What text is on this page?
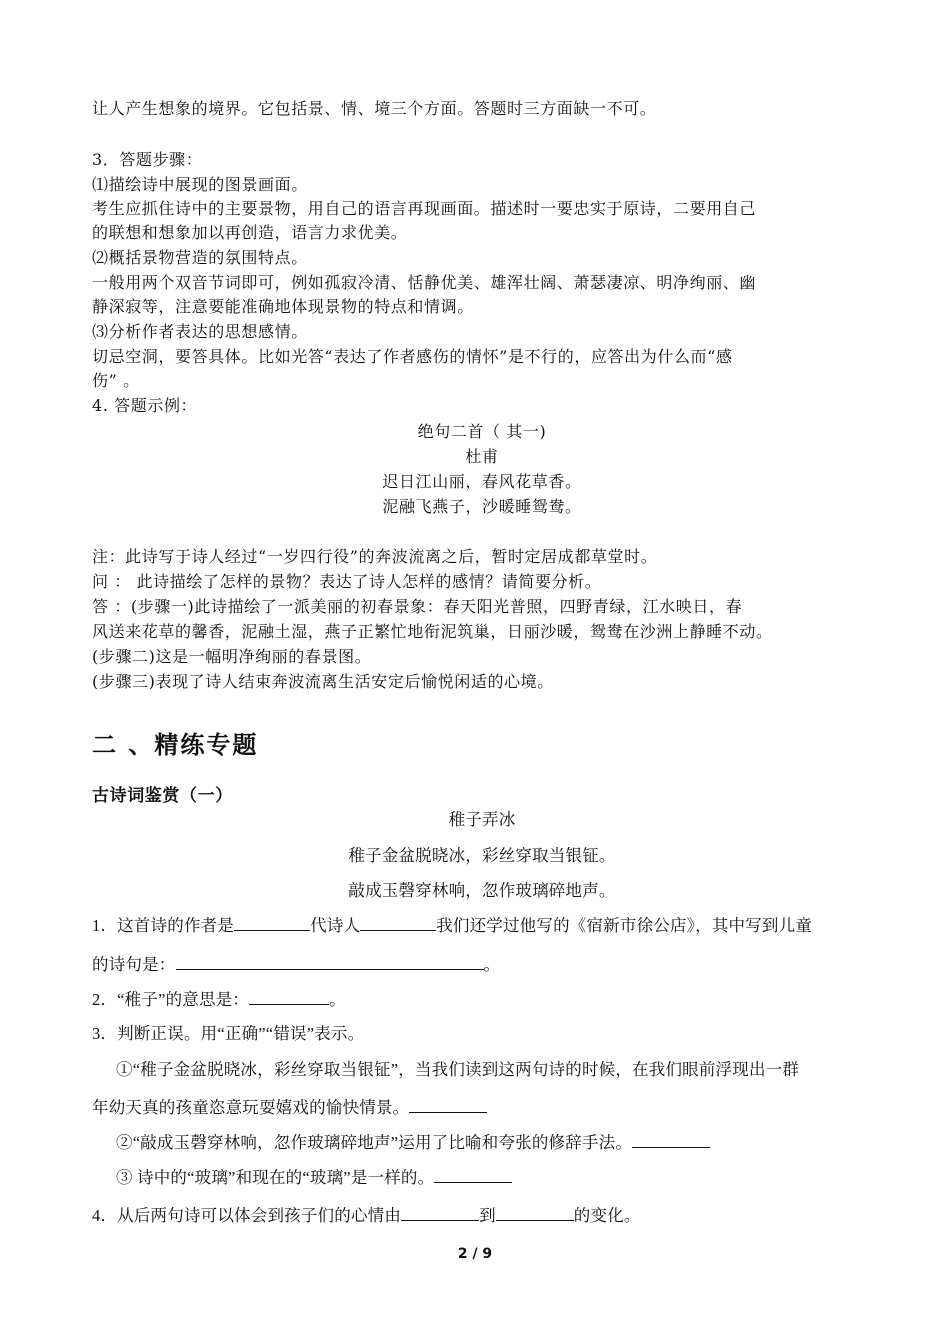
让人产生想象的境界。它包括景、情、境三个方面。答题时三方面缺一不可。
3．答题步骤：
⑴描绘诗中展现的图景画面。
考生应抓住诗中的主要景物，用自己的语言再现画面。描述时一要忠实于原诗，二要用自己
的联想和想象加以再创造，语言力求优美。
⑵概括景物营造的氛围特点。
一般用两个双音节词即可，例如孤寂冷清、恬静优美、雄浑壮阔、萧瑟凄凉、明净绚丽、幽
静深寂等，注意要能准确地体现景物的特点和情调。
⑶分析作者表达的思想感情。
切忌空洞，要答具体。比如光答“表达了作者感伤的情怀”是不行的，应答出为什么而“感
伤” 。
4. 答题示例：
绝句二首（ 其一)
杜甫
迟日江山丽，春风花草香。
泥融飞燕子，沙暖睡鸳鸯。
注：此诗写于诗人经过“一岁四行役”的奔波流离之后，暂时定居成都草堂时。
问 ： 此诗描绘了怎样的景物？表达了诗人怎样的感情？请简要分析。
答 ：(步骤一)此诗描绘了一派美丽的初春景象：春天阳光普照，四野青绿，江水映日，春
风送来花草的馨香，泥融土湿，燕子正繁忙地衔泥筑巢，日丽沙暖，鸳鸯在沙洲上静睡不动。
(步骤二)这是一幅明净绚丽的春景图。
(步骤三)表现了诗人结束奔波流离生活安定后愉悦闲适的心境。
二 、精练专题
古诗词鉴赏（一）
稚子弄冰
稚子金盆脱晓冰，彩丝穿取当银钲。
敲成玉磬穿林响，忽作玻璃碎地声。
1．这首诗的作者是	代诗人	我们还学过他写的《宿新市徐公店》，其中写到儿童
的诗句是：	。
2．“稚子”的意思是：	。
3．判断正误。用“正确”“错误”表示。
①“稚子金盆脱晓冰，彩丝穿取当银钲”，当我们读到这两句诗的时候，在我们眼前浮现出一群
年幼天真的孩童恣意玩耍嬉戏的愉快情景。
②“敲成玉磬穿林响，忽作玻璃碎地声”运用了比喻和夸张的修辞手法。
③ 诗中的“玻璃”和现在的“玻璃”是一样的。
4．从后两句诗可以体会到孩子们的心情由	到	的变化。
2 / 9
